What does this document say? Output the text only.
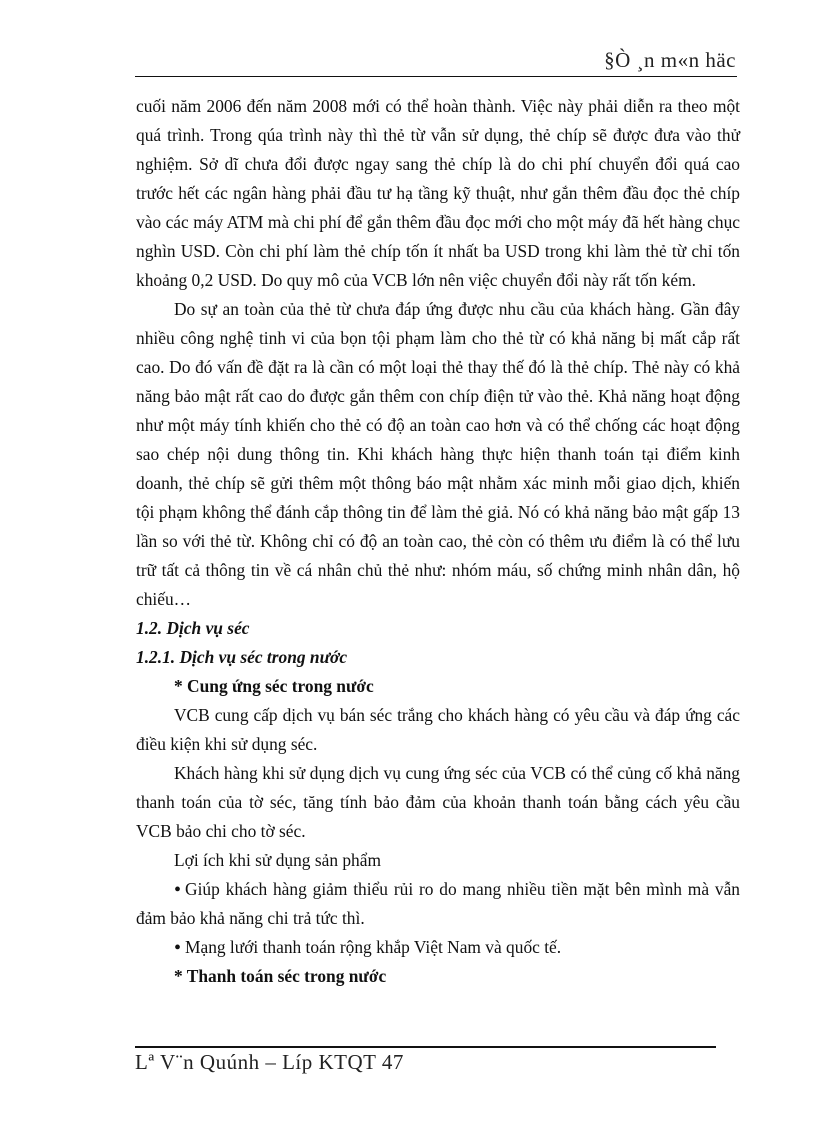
§Ò ¸n m«n häc

cuối năm 2006 đến năm 2008 mới có thể hoàn thành. Việc này phải diễn ra theo một quá trình. Trong qúa trình này thì thẻ từ vẫn sử dụng, thẻ chíp sẽ được đưa vào thử nghiệm. Sở dĩ chưa đổi được ngay sang thẻ chíp là do chi phí chuyển đổi quá cao trước hết các ngân hàng phải đầu tư hạ tầng kỹ thuật, như gắn thêm đầu đọc thẻ chíp vào các máy ATM mà chi phí để gắn thêm đầu đọc mới cho một máy đã hết hàng chục nghìn USD. Còn chi phí làm thẻ chíp tốn ít nhất ba USD trong khi làm thẻ từ chỉ tốn khoảng 0,2 USD. Do quy mô của VCB lớn nên việc chuyển đổi này rất tốn kém.

Do sự an toàn của thẻ từ chưa đáp ứng được nhu cầu của khách hàng. Gần đây nhiều công nghệ tinh vi của bọn tội phạm làm cho thẻ từ có khả năng bị mất cắp rất cao. Do đó vấn đề đặt ra là cần có một loại thẻ thay thế đó là thẻ chíp. Thẻ này có khả năng bảo mật rất cao do được gắn thêm con chíp điện tử vào thẻ. Khả năng hoạt động như một máy tính khiến cho thẻ có độ an toàn cao hơn và có thể chống các hoạt động sao chép nội dung thông tin. Khi khách hàng thực hiện thanh toán tại điểm kinh doanh, thẻ chíp sẽ gửi thêm một thông báo mật nhằm xác minh mỗi giao dịch, khiến tội phạm không thể đánh cắp thông tin để làm thẻ giả. Nó có khả năng bảo mật gấp 13 lần so với thẻ từ. Không chỉ có độ an toàn cao, thẻ còn có thêm ưu điểm là có thể lưu trữ tất cả thông tin về cá nhân chủ thẻ như: nhóm máu, số chứng minh nhân dân, hộ chiếu…

1.2. Dịch vụ séc

1.2.1. Dịch vụ séc trong nước

* Cung ứng séc trong nước

VCB cung cấp dịch vụ bán séc trắng cho khách hàng có yêu cầu và đáp ứng các điều kiện khi sử dụng séc.

Khách hàng khi sử dụng dịch vụ cung ứng séc của VCB có thể củng cố khả năng thanh toán của tờ séc, tăng tính bảo đảm của khoản thanh toán bằng cách yêu cầu VCB bảo chi cho tờ séc.

Lợi ích khi sử dụng sản phẩm

• Giúp khách hàng giảm thiểu rủi ro do mang nhiều tiền mặt bên mình mà vẫn đảm bảo khả năng chi trả tức thì.

• Mạng lưới thanh toán rộng khắp Việt Nam và quốc tế.

* Thanh toán séc trong nước

Lª V¨n Quúnh – Líp KTQT 47
